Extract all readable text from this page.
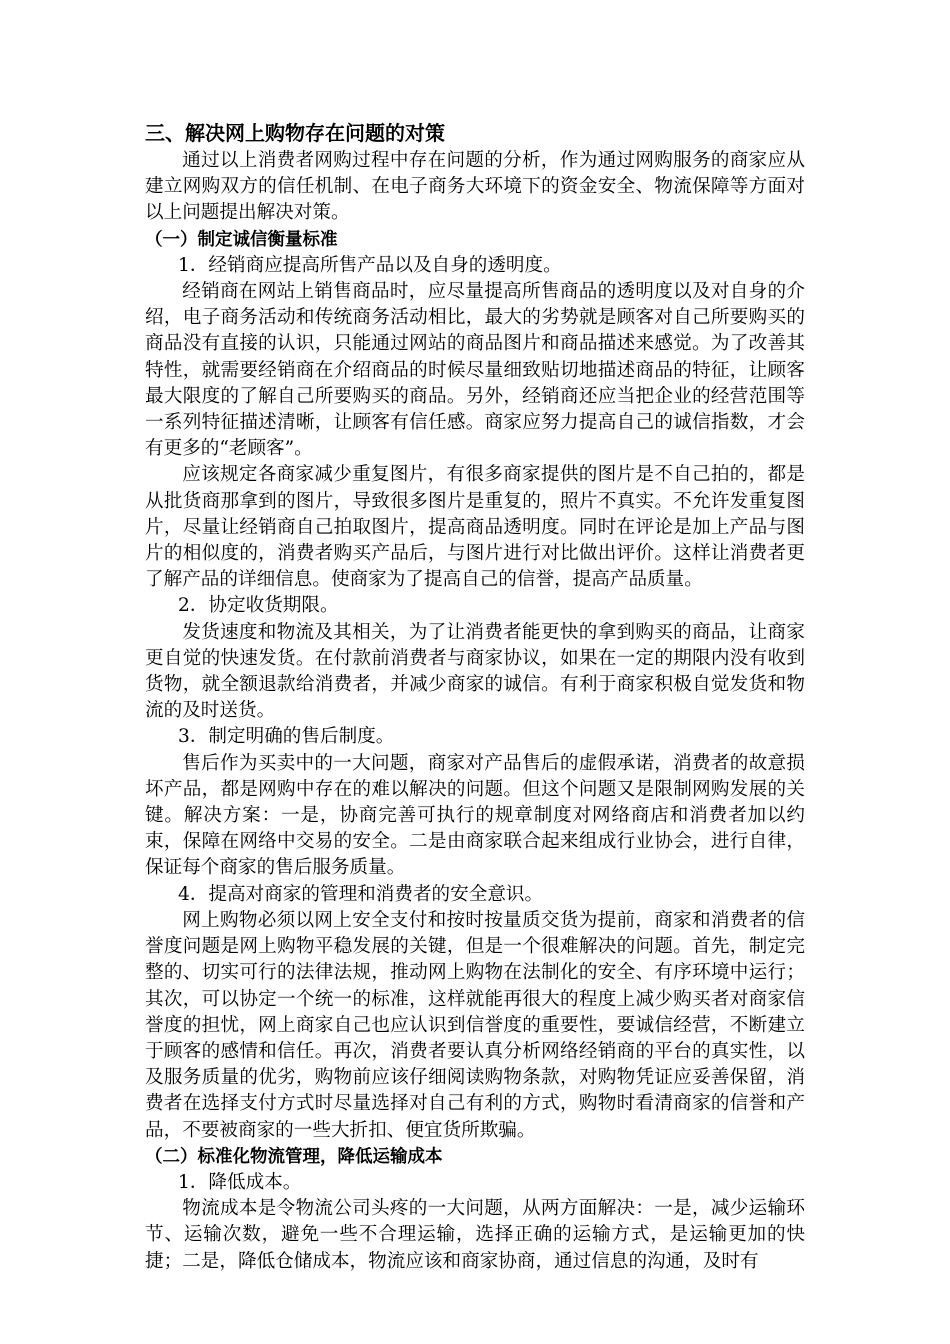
三、解决网上购物存在问题的对策

通过以上消费者网购过程中存在问题的分析，作为通过网购服务的商家应从建立网购双方的信任机制、在电子商务大环境下的资金安全、物流保障等方面对以上问题提出解决对策。

（一）制定诚信衡量标准

1．经销商应提高所售产品以及自身的透明度。

经销商在网站上销售商品时，应尽量提高所售商品的透明度以及对自身的介绍，电子商务活动和传统商务活动相比，最大的劣势就是顾客对自己所要购买的商品没有直接的认识，只能通过网站的商品图片和商品描述来感觉。为了改善其特性，就需要经销商在介绍商品的时候尽量细致贴切地描述商品的特征，让顾客最大限度的了解自己所要购买的商品。另外，经销商还应当把企业的经营范围等一系列特征描述清晰，让顾客有信任感。商家应努力提高自己的诚信指数，才会有更多的“老顾客”。

应该规定各商家减少重复图片，有很多商家提供的图片是不自己拍的，都是从批货商那拿到的图片，导致很多图片是重复的，照片不真实。不允许发重复图片，尽量让经销商自己拍取图片，提高商品透明度。同时在评论是加上产品与图片的相似度的，消费者购买产品后，与图片进行对比做出评价。这样让消费者更了解产品的详细信息。使商家为了提高自己的信誉，提高产品质量。

2．协定收货期限。

发货速度和物流及其相关，为了让消费者能更快的拿到购买的商品，让商家更自觉的快速发货。在付款前消费者与商家协议，如果在一定的期限内没有收到货物，就全额退款给消费者，并减少商家的诚信。有利于商家积极自觉发货和物流的及时送货。

3．制定明确的售后制度。

售后作为买卖中的一大问题，商家对产品售后的虚假承诺，消费者的故意损坏产品，都是网购中存在的难以解决的问题。但这个问题又是限制网购发展的关键。解决方案：一是，协商完善可执行的规章制度对网络商店和消费者加以约束，保障在网络中交易的安全。二是由商家联合起来组成行业协会，进行自律，保证每个商家的售后服务质量。

4．提高对商家的管理和消费者的安全意识。

网上购物必须以网上安全支付和按时按量质交货为提前，商家和消费者的信誉度问题是网上购物平稳发展的关键，但是一个很难解决的问题。首先，制定完整的、切实可行的法律法规，推动网上购物在法制化的安全、有序环境中运行；其次，可以协定一个统一的标准，这样就能再很大的程度上减少购买者对商家信誉度的担忧，网上商家自己也应认识到信誉度的重要性，要诚信经营，不断建立于顾客的感情和信任。再次，消费者要认真分析网络经销商的平台的真实性，以及服务质量的优劣，购物前应该仔细阅读购物条款，对购物凭证应妥善保留，消费者在选择支付方式时尽量选择对自己有利的方式，购物时看清商家的信誉和产品，不要被商家的一些大折扣、便宜货所欺骗。

（二）标准化物流管理，降低运输成本

1．降低成本。

物流成本是令物流公司头疼的一大问题，从两方面解决：一是，减少运输环节、运输次数，避免一些不合理运输，选择正确的运输方式，是运输更加的快捷；二是，降低仓储成本，物流应该和商家协商，通过信息的沟通，及时有
